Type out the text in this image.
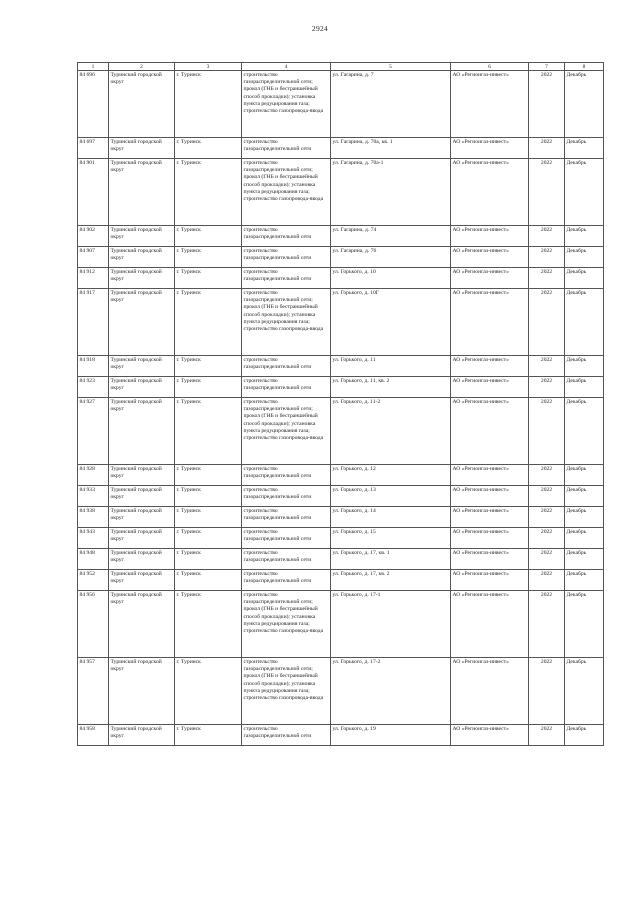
2924
1	2	3	4	5	6	7	8
84 696	Туринский городской округ	г. Туринск	строительство газораспределительной сети;
прокол (ГНБ и бестраншейный способ прокладки); установка пункта редуцирования газа;
строительство газопровода-ввода	ул. Гагарина, д. 7	АО «Регионгаз-инвест»	2022	Декабрь
84 697	Туринский городской округ	г. Туринск	строительство газораспределительной сети	ул. Гагарина, д. 70а, кв. 1	АО «Регионгаз-инвест»	2022	Декабрь
84 901	Туринский городской округ	г. Туринск	строительство газораспределительной сети;
прокол (ГНБ и бестраншейный способ прокладки); установка пункта редуцирования газа;
строительство газопровода-ввода	ул. Гагарина, д. 70а-1	АО «Регионгаз-инвест»	2022	Декабрь
84 902	Туринский городской округ	г. Туринск	строительство газораспределительной сети	ул. Гагарина, д. 74	АО «Регионгаз-инвест»	2022	Декабрь
84 907	Туринский городской округ	г. Туринск	строительство газораспределительной сети	ул. Гагарина, д. 76	АО «Регионгаз-инвест»	2022	Декабрь
84 912	Туринский городской округ	г. Туринск	строительство газораспределительной сети	ул. Горького, д. 10	АО «Регионгаз-инвест»	2022	Декабрь
84 917	Туринский городской округ	г. Туринск	строительство газораспределительной сети;
прокол (ГНБ и бестраншейный способ прокладки); установка пункта редуцирования газа;
строительство газопровода-ввода	ул. Горького, д. 10Г	АО «Регионгаз-инвест»	2022	Декабрь
84 918	Туринский городской округ	г. Туринск	строительство газораспределительной сети	ул. Горького, д. 11	АО «Регионгаз-инвест»	2022	Декабрь
84 923	Туринский городской округ	г. Туринск	строительство газораспределительной сети	ул. Горького, д. 11, кв. 2	АО «Регионгаз-инвест»	2022	Декабрь
84 927	Туринский городской округ	г. Туринск	строительство газораспределительной сети;
прокол (ГНБ и бестраншейный способ прокладки); установка пункта редуцирования газа;
строительство газопровода-ввода	ул. Горького, д. 11-2	АО «Регионгаз-инвест»	2022	Декабрь
84 928	Туринский городской округ	г. Туринск	строительство газораспределительной сети	ул. Горького, д. 12	АО «Регионгаз-инвест»	2022	Декабрь
84 933	Туринский городской округ	г. Туринск	строительство газораспределительной сети	ул. Горького, д. 13	АО «Регионгаз-инвест»	2022	Декабрь
84 938	Туринский городской округ	г. Туринск	строительство газораспределительной сети	ул. Горького, д. 14	АО «Регионгаз-инвест»	2022	Декабрь
84 943	Туринский городской округ	г. Туринск	строительство газораспределительной сети	ул. Горького, д. 15	АО «Регионгаз-инвест»	2022	Декабрь
84 948	Туринский городской округ	г. Туринск	строительство газораспределительной сети	ул. Горького, д. 17, кв. 1	АО «Регионгаз-инвест»	2022	Декабрь
84 952	Туринский городской округ	г. Туринск	строительство газораспределительной сети	ул. Горького, д. 17, кв. 2	АО «Регионгаз-инвест»	2022	Декабрь
84 956	Туринский городской округ	г. Туринск	строительство газораспределительной сети;
прокол (ГНБ и бестраншейный способ прокладки); установка пункта редуцирования газа;
строительство газопровода-ввода	ул. Горького, д. 17-1	АО «Регионгаз-инвест»	2022	Декабрь
84 957	Туринский городской округ	г. Туринск	строительство газораспределительной сети;
прокол (ГНБ и бестраншейный способ прокладки); установка пункта редуцирования газа;
строительство газопровода-ввода	ул. Горького, д. 17-2	АО «Регионгаз-инвест»	2022	Декабрь
84 958	Туринский городской округ	г. Туринск	строительство газораспределительной сети	ул. Горького, д. 19	АО «Регионгаз-инвест»	2022	Декабрь
